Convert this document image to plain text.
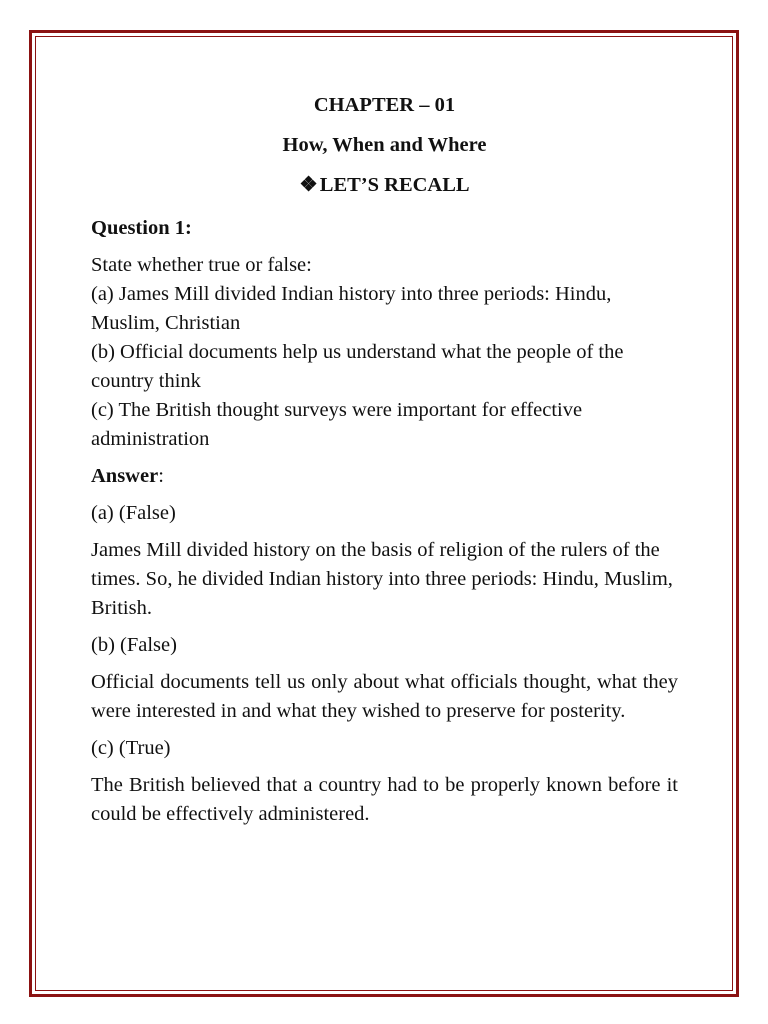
CHAPTER – 01
How, When and Where
❖LET’S RECALL
Question 1:
State whether true or false:
(a) James Mill divided Indian history into three periods: Hindu, Muslim, Christian
(b) Official documents help us understand what the people of the country think
(c) The British thought surveys were important for effective administration
Answer:

(a) (False)

James Mill divided history on the basis of religion of the rulers of the times. So, he divided Indian history into three periods: Hindu, Muslim, British.

(b) (False)

Official documents tell us only about what officials thought, what they were interested in and what they wished to preserve for posterity.

(c) (True)

The British believed that a country had to be properly known before it could be effectively administered.
